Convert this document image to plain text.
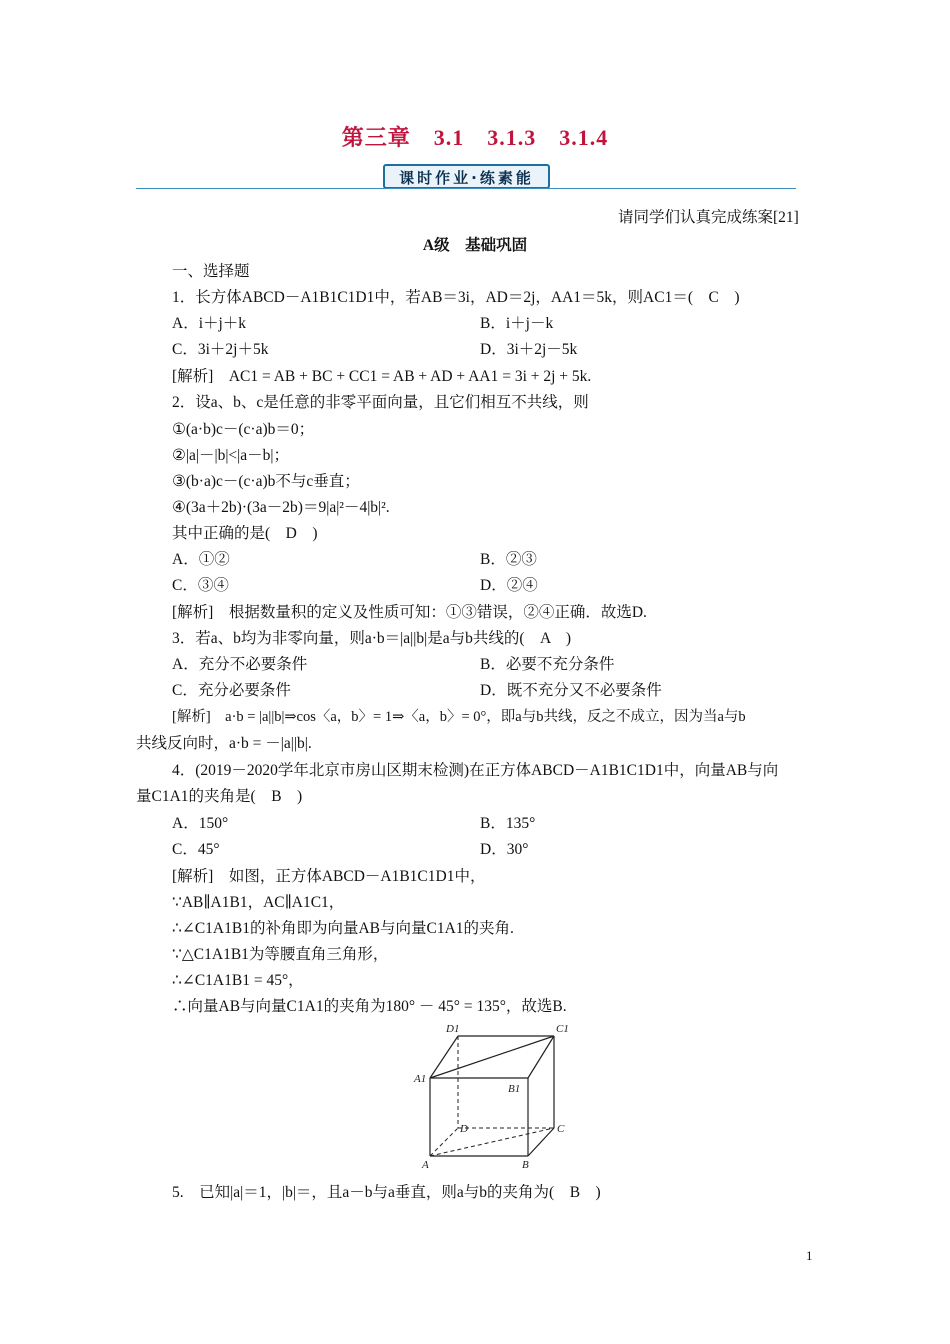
第三章　3.1　3.1.3　3.1.4
课时作业·练素能
请同学们认真完成练案[21]
A级　基础巩固
一、选择题
1．长方体ABCD－A1B1C1D1中，若AB＝3i，AD＝2j，AA1＝5k，则AC1＝(　C　)
A．i＋j＋k	B．i＋j－k
C．3i＋2j＋5k	D．3i＋2j－5k
[解析]　AC1 = AB + BC + CC1 = AB + AD + AA1 = 3i + 2j + 5k.
2．设a、b、c是任意的非零平面向量，且它们相互不共线，则
①(a·b)c－(c·a)b＝0；
②|a|－|b|<|a－b|；
③(b·a)c－(c·a)b不与c垂直；
④(3a＋2b)·(3a－2b)＝9|a|²－4|b|².
其中正确的是(　D　)
A．①②	B．②③
C．③④	D．②④
[解析]　根据数量积的定义及性质可知：①③错误，②④正确．故选D.
3．若a、b均为非零向量，则a·b＝|a||b|是a与b共线的(　A　)
A．充分不必要条件	B．必要不充分条件
C．充分必要条件	D．既不充分又不必要条件
[解析]　a·b = |a||b|⇒cos〈a，b〉= 1⇒〈a，b〉= 0°，即a与b共线，反之不成立，因为当a与b
共线反向时，a·b = －|a||b|.
4．(2019－2020学年北京市房山区期末检测)在正方体ABCD－A1B1C1D1中，向量AB与向
量C1A1的夹角是(　B　)
A．150°	B．135°
C．45°	D．30°
[解析]　如图，正方体ABCD－A1B1C1D1中，
∵AB∥A1B1，AC∥A1C1，
∴∠C1A1B1的补角即为向量AB与向量C1A1的夹角.
∵△C1A1B1为等腰直角三角形，
∴∠C1A1B1 = 45°，
∴向量AB与向量C1A1的夹角为180° － 45° = 135°，故选B.
D1	C1
A1
B1
D	C
A	B
5.　已知|a|＝1，|b|＝，且a－b与a垂直，则a与b的夹角为(　B　)
1
